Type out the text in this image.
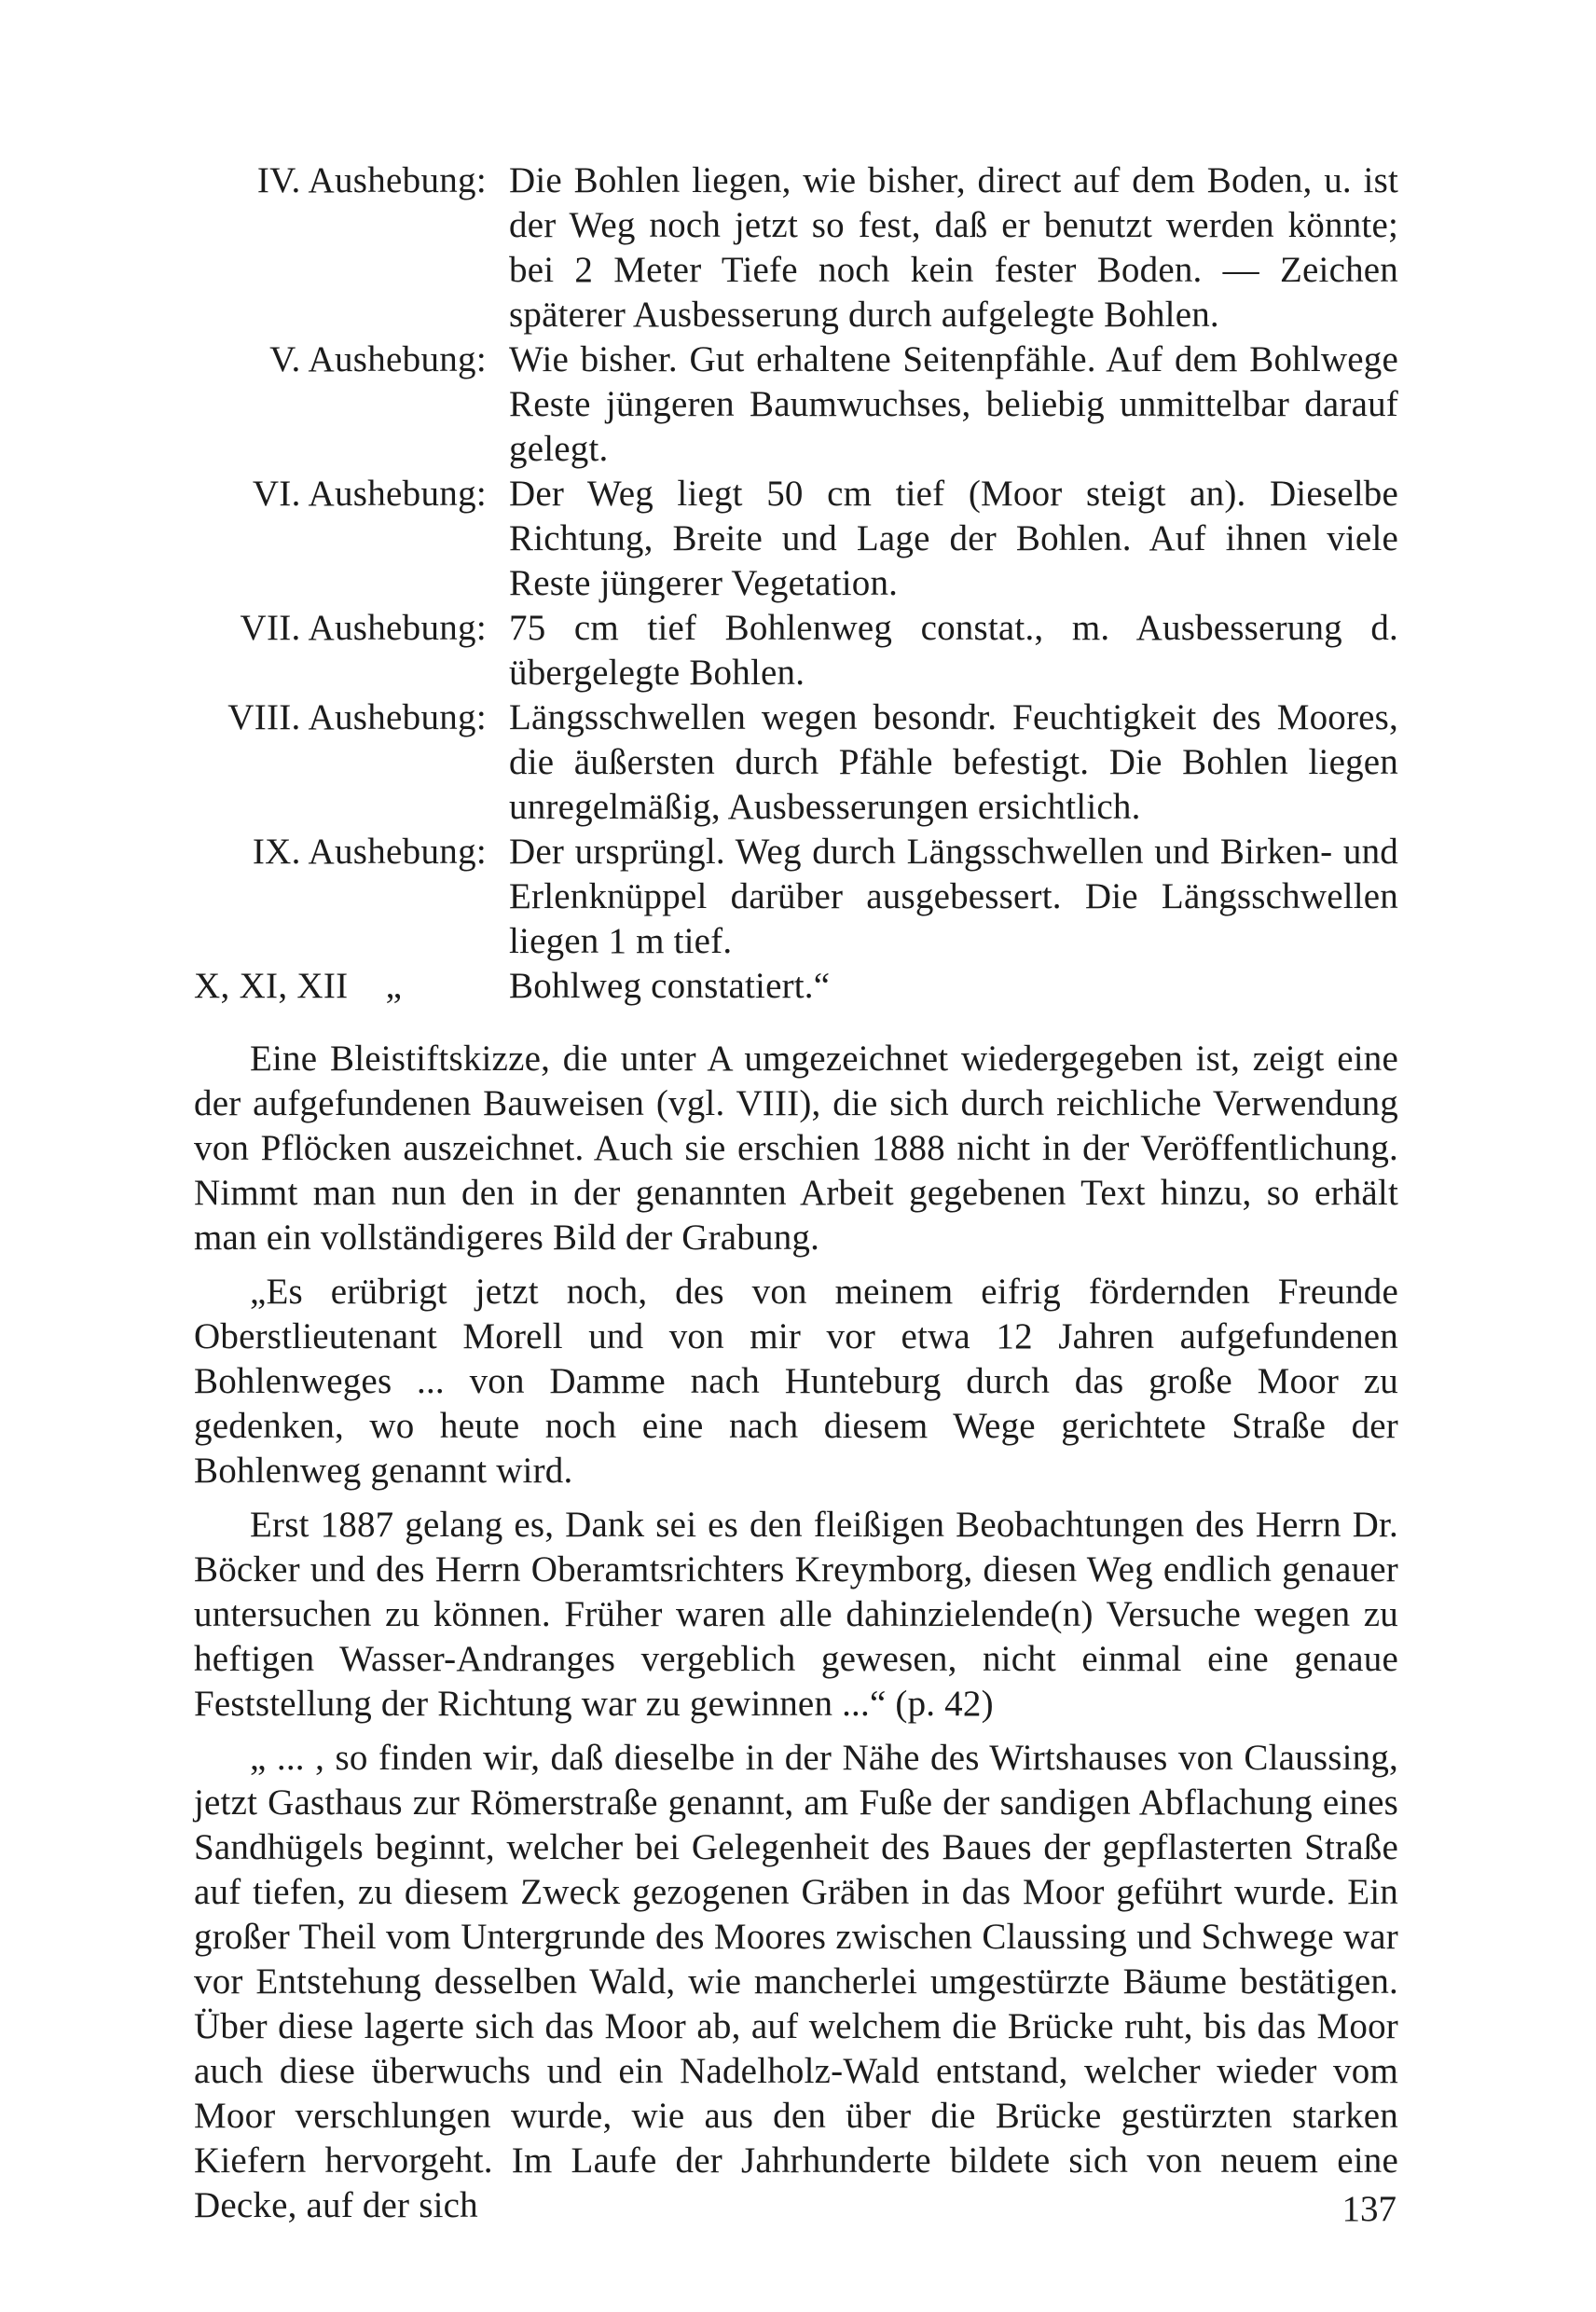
IV. Aushebung: Die Bohlen liegen, wie bisher, direct auf dem Boden, u. ist der Weg noch jetzt so fest, daß er benutzt werden könnte; bei 2 Meter Tiefe noch kein fester Boden. — Zeichen späterer Ausbesserung durch aufgelegte Bohlen.
V. Aushebung: Wie bisher. Gut erhaltene Seitenpfähle. Auf dem Bohlwege Reste jüngeren Baumwuchses, beliebig unmittelbar darauf gelegt.
VI. Aushebung: Der Weg liegt 50 cm tief (Moor steigt an). Dieselbe Richtung, Breite und Lage der Bohlen. Auf ihnen viele Reste jüngerer Vegetation.
VII. Aushebung: 75 cm tief Bohlenweg constat., m. Ausbesserung d. übergelegte Bohlen.
VIII. Aushebung: Längsschwellen wegen besondr. Feuchtigkeit des Moores, die äußersten durch Pfähle befestigt. Die Bohlen liegen unregelmäßig, Ausbesserungen ersichtlich.
IX. Aushebung: Der ursprüngl. Weg durch Längsschwellen und Birken- und Erlenknüppel darüber ausgebessert. Die Längsschwellen liegen 1 m tief.
X, XI, XII    „	Bohlweg constatiert.“

Eine Bleistiftskizze, die unter A umgezeichnet wiedergegeben ist, zeigt eine der aufgefundenen Bauweisen (vgl. VIII), die sich durch reichliche Verwendung von Pflöcken auszeichnet. Auch sie erschien 1888 nicht in der Veröffentlichung. Nimmt man nun den in der genannten Arbeit gegebenen Text hinzu, so erhält man ein vollständigeres Bild der Grabung.

„Es erübrigt jetzt noch, des von meinem eifrig fördernden Freunde Oberstlieutenant Morell und von mir vor etwa 12 Jahren aufgefundenen Bohlenweges ... von Damme nach Hunteburg durch das große Moor zu gedenken, wo heute noch eine nach diesem Wege gerichtete Straße der Bohlenweg genannt wird.

Erst 1887 gelang es, Dank sei es den fleißigen Beobachtungen des Herrn Dr. Böcker und des Herrn Oberamtsrichters Kreymborg, diesen Weg endlich genauer untersuchen zu können. Früher waren alle dahinzielende(n) Versuche wegen zu heftigen Wasser-Andranges vergeblich gewesen, nicht einmal eine genaue Feststellung der Richtung war zu gewinnen ...“ (p. 42)

„ ... , so finden wir, daß dieselbe in der Nähe des Wirtshauses von Claussing, jetzt Gasthaus zur Römerstraße genannt, am Fuße der sandigen Abflachung eines Sandhügels beginnt, welcher bei Gelegenheit des Baues der gepflasterten Straße auf tiefen, zu diesem Zweck gezogenen Gräben in das Moor geführt wurde. Ein großer Theil vom Untergrunde des Moores zwischen Claussing und Schwege war vor Entstehung desselben Wald, wie mancherlei umgestürzte Bäume bestätigen. Über diese lagerte sich das Moor ab, auf welchem die Brücke ruht, bis das Moor auch diese überwuchs und ein Nadelholz-Wald entstand, welcher wieder vom Moor verschlungen wurde, wie aus den über die Brücke gestürzten starken Kiefern hervorgeht. Im Laufe der Jahrhunderte bildete sich von neuem eine Decke, auf der sich	137
